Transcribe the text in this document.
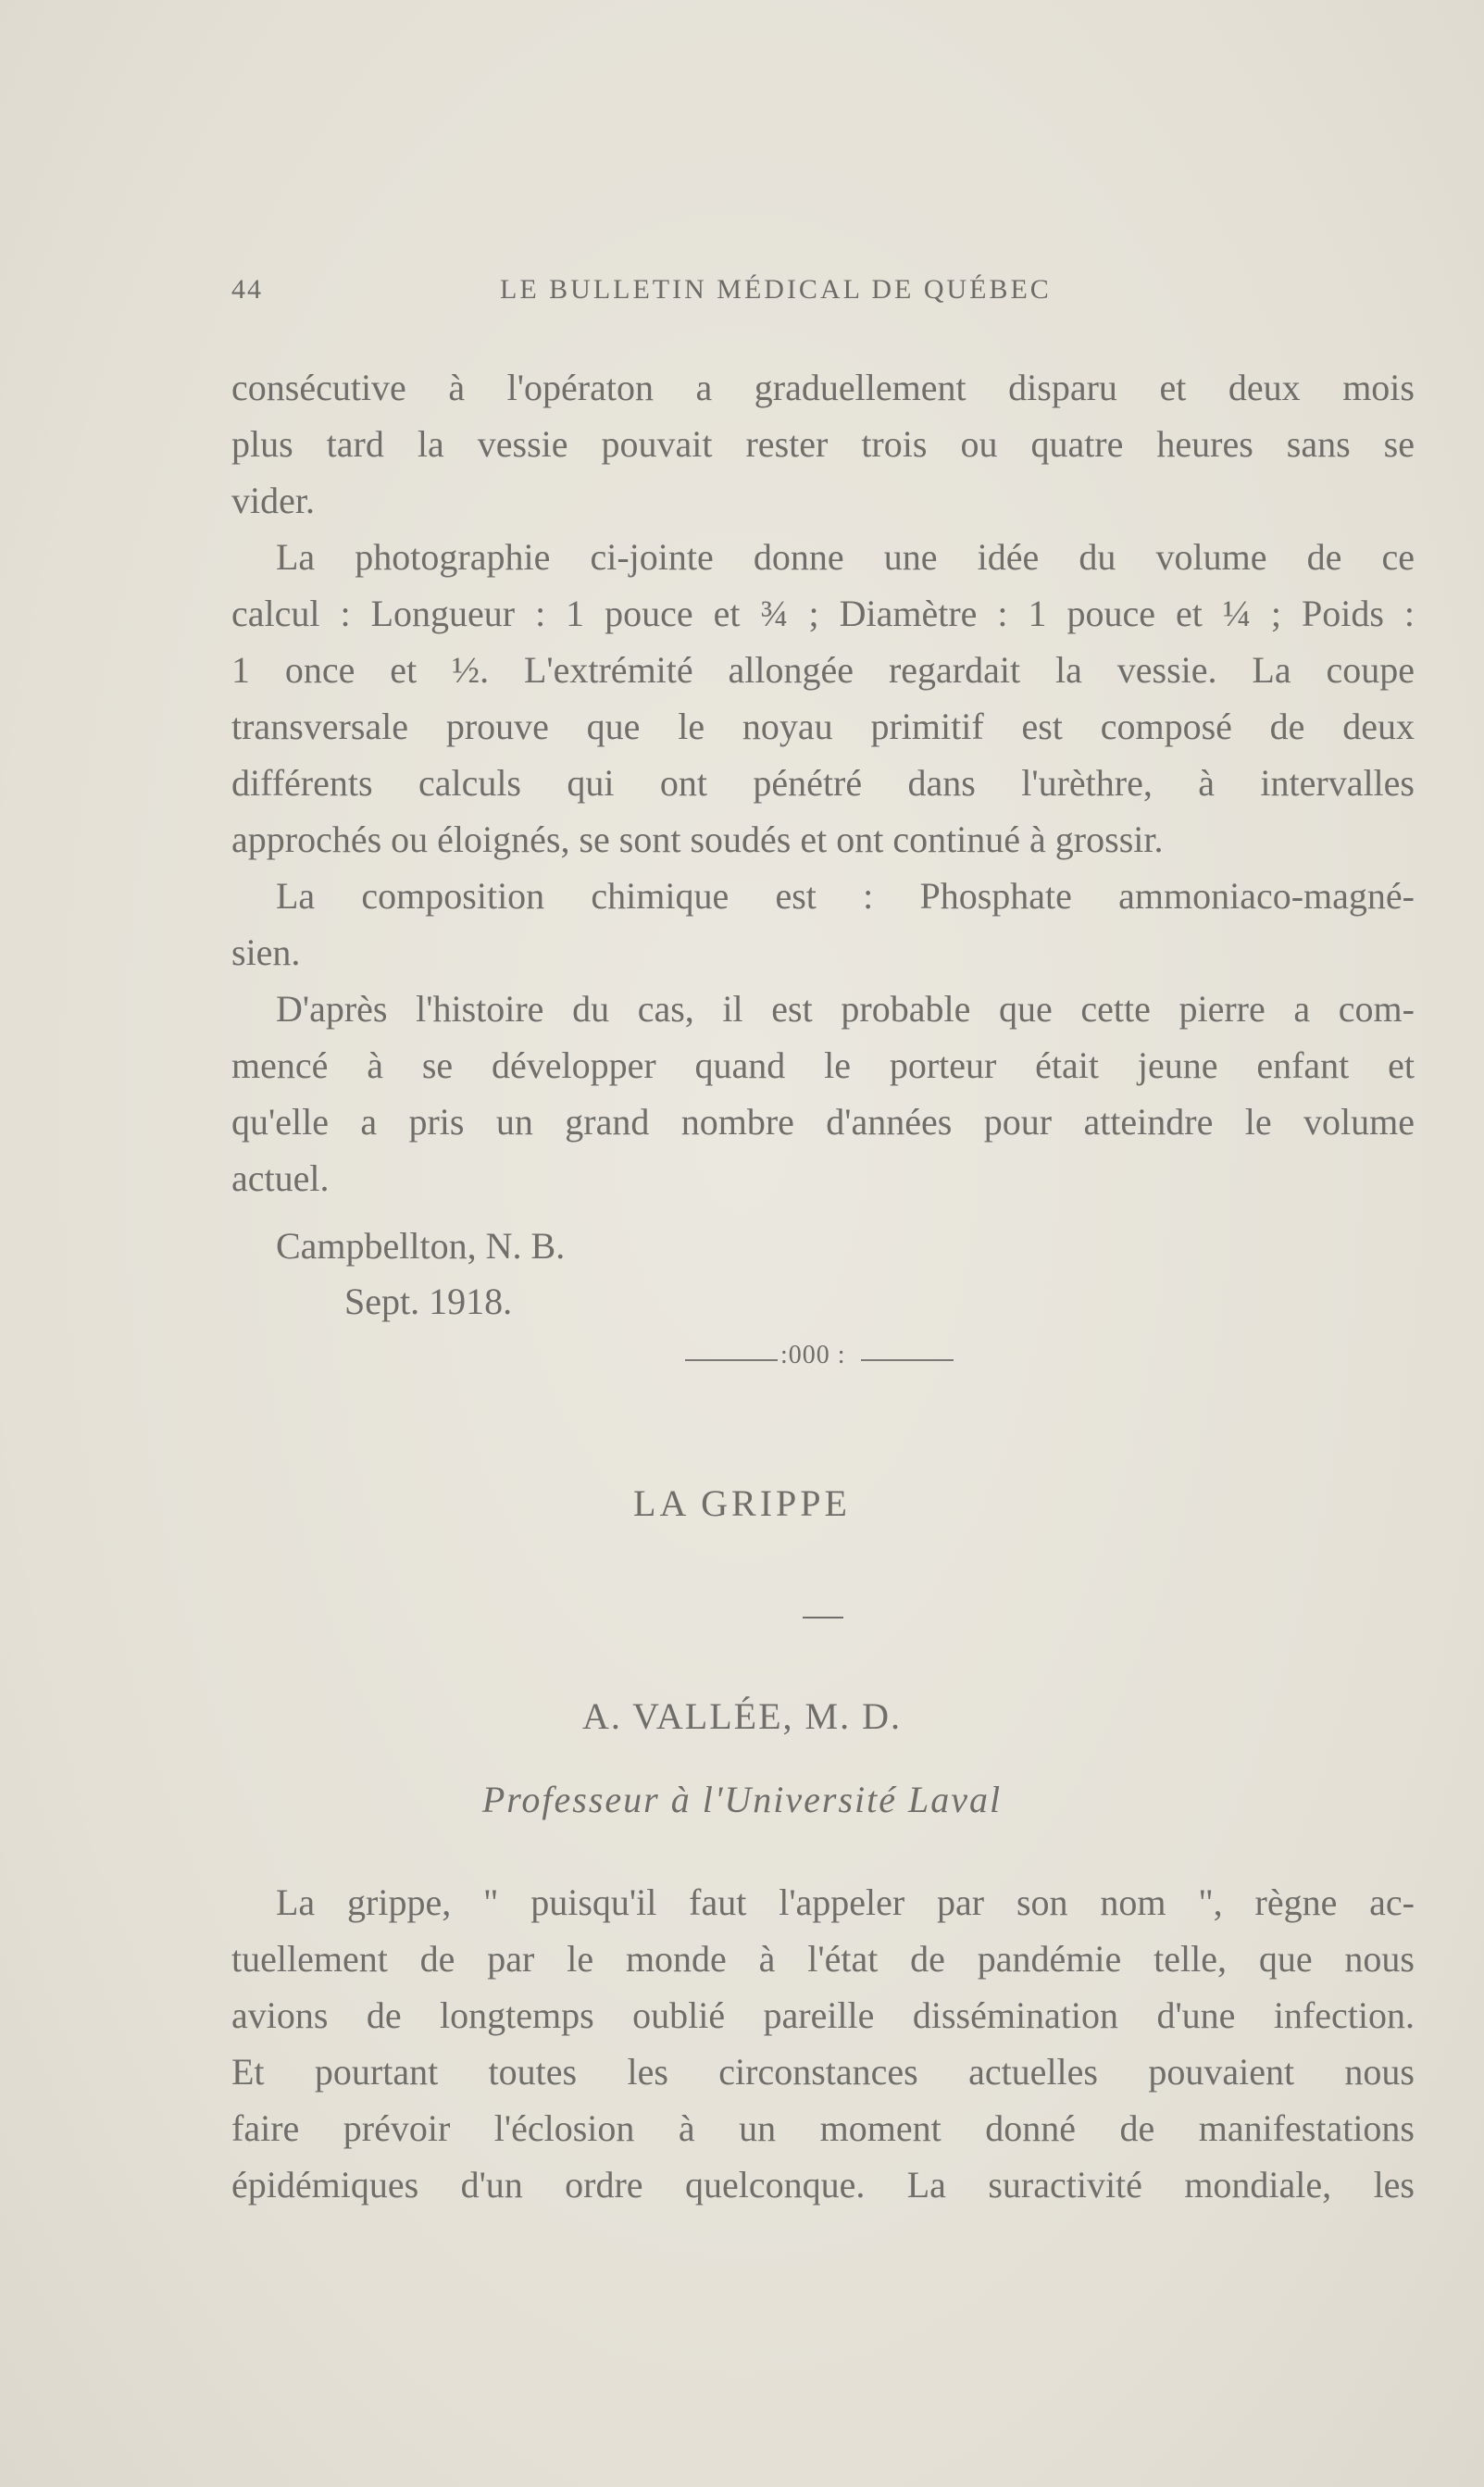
44	LE BULLETIN MÉDICAL DE QUÉBEC
consécutive à l'opératon a graduellement disparu et deux mois
plus tard la vessie pouvait rester trois ou quatre heures sans se
vider.
La photographie ci-jointe donne une idée du volume de ce
calcul : Longueur : 1 pouce et ¾ ; Diamètre : 1 pouce et ¼ ; Poids :
1 once et ½. L'extrémité allongée regardait la vessie. La coupe
transversale prouve que le noyau primitif est composé de deux
différents calculs qui ont pénétré dans l'urèthre, à intervalles
approchés ou éloignés, se sont soudés et ont continué à grossir.
La composition chimique est : Phosphate ammoniaco-magné-
sien.
D'après l'histoire du cas, il est probable que cette pierre a com-
mencé à se développer quand le porteur était jeune enfant et
qu'elle a pris un grand nombre d'années pour atteindre le volume
actuel.
Campbellton, N. B.
Sept. 1918.
:000 :
LA GRIPPE
A. VALLÉE, M. D.
Professeur à l'Université Laval
La grippe, " puisqu'il faut l'appeler par son nom ", règne ac-
tuellement de par le monde à l'état de pandémie telle, que nous
avions de longtemps oublié pareille dissémination d'une infection.
Et pourtant toutes les circonstances actuelles pouvaient nous
faire prévoir l'éclosion à un moment donné de manifestations
épidémiques d'un ordre quelconque. La suractivité mondiale, les
